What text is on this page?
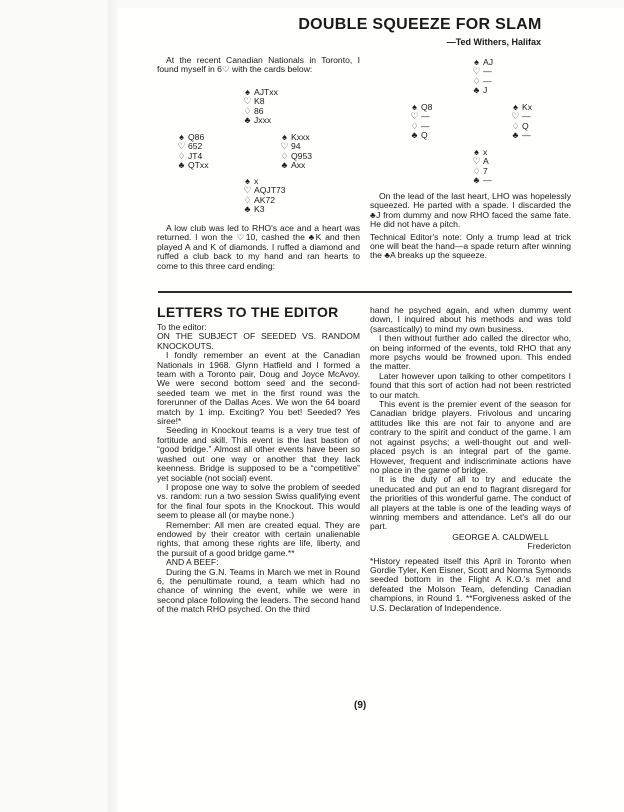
DOUBLE SQUEEZE FOR SLAM
—Ted Withers, Halifax

At the recent Canadian Nationals in Toronto, I found myself in 6♡ with the cards below:

♠ AJTxx
♡ K8
♢ 86
♣ Jxxx
♠ Q86
♡ 652
♢ JT4
♣ QTxx
♠ Kxxx
♡ 94
♢ Q953
♣ Axx
♠ x
♡ AQJT73
♢ AK72
♣ K3

A low club was led to RHO's ace and a heart was returned. I won the ♡10, cashed the ♣K and then played A and K of diamonds. I ruffed a diamond and ruffed a club back to my hand and ran hearts to come to this three card ending:

♠ AJ
♡ —
♢ —
♣ J
♠ Q8
♡ —
♢ —
♣ Q
♠ Kx
♡ —
♢ Q
♣ —
♠ x
♡ A
♢ 7
♣ —

On the lead of the last heart, LHO was hopelessly squeezed. He parted with a spade. I discarded the ♣J from dummy and now RHO faced the same fate. He did not have a pitch.

Technical Editor's note: Only a trump lead at trick one will beat the hand—a spade return after winning the ♣A breaks up the squeeze.

LETTERS TO THE EDITOR

To the editor:

ON THE SUBJECT OF SEEDED VS. RANDOM KNOCKOUTS.

I fondly remember an event at the Canadian Nationals in 1968. Glynn Hatfield and I formed a team with a Toronto pair, Doug and Joyce McAvoy. We were second bottom seed and the second-seeded team we met in the first round was the forerunner of the Dallas Aces. We won the 64 board match by 1 imp. Exciting? You bet! Seeded? Yes siree!*

Seeding in Knockout teams is a very true test of fortitude and skill. This event is the last bastion of “good bridge.” Almost all other events have been so washed out one way or another that they lack keenness. Bridge is supposed to be a “competitive” yet sociable (not social) event.

I propose one way to solve the problem of seeded vs. random: run a two session Swiss qualifying event for the final four spots in the Knockout. This would seem to please all (or maybe none.)

Remember: All men are created equal. They are endowed by their creator with certain unalienable rights, that among these rights are life, liberty, and the pursuit of a good bridge game.**

AND A BEEF:

During the G.N. Teams in March we met in Round 6, the penultimate round, a team which had no chance of winning the event, while we were in second place following the leaders. The second hand of the match RHO psyched. On the third

hand he psyched again, and when dummy went down, I inquired about his methods and was told (sarcastically) to mind my own business.

I then without further ado called the director who, on being informed of the events, told RHO that any more psychs would be frowned upon. This ended the matter.

Later however upon talking to other competitors I found that this sort of action had not been restricted to our match.

This event is the premier event of the season for Canadian bridge players. Frivolous and uncaring attitudes like this are not fair to anyone and are contrary to the spirit and conduct of the game. I am not against psychs; a well-thought out and well-placed psych is an integral part of the game. However, frequent and indiscriminate actions have no place in the game of bridge.

It is the duty of all to try and educate the uneducated and put an end to flagrant disregard for the priorities of this wonderful game. The conduct of all players at the table is one of the leading ways of winning members and attendance. Let's all do our part.

GEORGE A. CALDWELL
Fredericton

*History repeated itself this April in Toronto when Gordie Tyler, Ken Eisner, Scott and Norma Symonds seeded bottom in the Flight A K.O.'s met and defeated the Molson Team, defending Canadian champions, in Round 1. **Forgiveness asked of the U.S. Declaration of Independence.

(9)
